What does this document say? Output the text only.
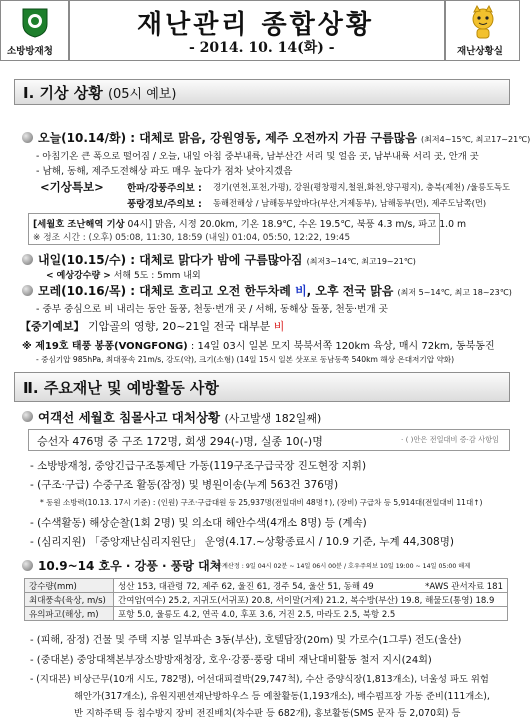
소방방재청
재난관리 종합상황
- 2014. 10. 14(화) -	재난상황실
Ⅰ. 기상 상황 (05시 예보)
오늘(10.14/화) : 대체로 맑음, 강원영동, 제주 오전까지 가끔 구름많음 (최저4~15℃, 최고17~21℃)
- 아침기온 큰 폭으로 떨어짐 / 오늘, 내일 아침 중부내륙, 남부산간 서리 및 얼음 곳, 남부내륙 서리 곳, 안개 곳
- 남해, 동해, 제주도전해상 파도 매우 높다가 점차 낮아지겠음
<기상특보> 한파/강풍주의보 : 경기(연천,포천,가평), 강원(평창평지,철원,화천,양구평지), 충북(제천) /울릉도독도
풍랑경보/주의보 : 동해전해상 / 남해동부앞바다(부산,거제동부), 남해동부(먼), 제주도남쪽(먼)
[세월호 조난해역 기상 04시] 맑음, 시정 20.0km, 기온 18.9℃, 수온 19.5℃, 북풍 4.3 m/s, 파고 1.0 m
※ 정조 시간 : (오후) 05:08, 11:30, 18:59 (내일) 01:04, 05:50, 12:22, 19:45
내일(10.15/수) : 대체로 맑다가 밤에 구름많아짐 (최저3~14℃, 최고19~21℃)
< 예상강수량 > 서해 5도 : 5mm 내외
모레(10.16/목) : 대체로 흐리고 오전 한두차례 비, 오후 전국 맑음 (최저 5~14℃, 최고 18~23℃)
- 중부 중심으로 비 내리는 동안 돌풍, 천둥·번개 곳 / 서해, 동해상 돌풍, 천둥·번개 곳
【중기예보】 기압골의 영향, 20~21일 전국 대부분 비
※ 제19호 태풍 봉퐁(VONGFONG) : 14일 03시 일본 모지 북북서쪽 120km 육상, 매시 72km, 동북동진
- 중심기압 985hPa, 최대풍속 21m/s, 강도(약), 크기(소형) (14일 15시 일본 삿포로 동남동쪽 540km 해상 온대저기압 약화)
Ⅱ. 주요재난 및 예방활동 사항
여객선 세월호 침몰사고 대처상황 (사고발생 182일째)
승선자 476명 중 구조 172명, 회생 294(-)명, 실종 10(-)명	· ( )안은 전일대비 증·감 사항임
- 소방방재청, 중앙긴급구조통제단 가동(119구조구급국장 진도현장 지휘)
- (구조·구급) 수중구조 활동(잠정) 및 병원이송(누계 563건 376명)
* 동원 소방력(10.13. 17시 기준) : (인원) 구조·구급대원 등 25,937명(전일대비 48명↑), (장비) 구급차 등 5,914대(전일대비 11대↑)
- (수색활동) 해상순찰(1회 2명) 및 의소대 해안수색(4개소 8명) 등 (계속)
- (심리지원) 「중앙재난심리지원단」 운영(4.17.~상황종료시 / 10.9 기준, 누계 44,308명)
10.9~14 호우 · 강풍 · 풍랑 대처
· 통계산정 : 9일 04시 02분 ~ 14일 06시 00분 / 호우주의보 10일 19:00 ~ 14일 05:00 해제
강수량(mm)	성산 153, 대관령 72, 제주 62, 울진 61, 경주 54, 울산 51, 동해 49 *AWS 관서자료 181

최대풍속(육상, m/s)	간여암(여수) 25.2, 지귀도(서귀포) 20.8, 서이말(거제) 21.2, 복수방(부산) 19.8, 해물도(통영) 18.9
유의파고(해상, m)	포항 5.0, 울릉도 4.2, 연곡 4.0, 후포 3.6, 거진 2.5, 마라도 2.5, 북항 2.5
- (피해, 잠정) 건물 및 주택 지붕 일부파손 3동(부산), 호텔담장(20m) 및 가로수(1그루) 전도(울산)
- (중대본) 중앙대책본부장소방방재청장, 호우·강풍·풍랑 대비 재난대비활동 철저 지시(24회)
- (지대본) 비상근무(10개 시도, 782명), 어선대피결박(29,747척), 수산 증양식장(1,813개소), 너울성 파도 위험
해안가(317개소), 유원지펜션재난방하우스 등 예찰활동(1,193개소), 배수펌프장 가동 준비(111개소),
반 지하주택 등 침수방지 장비 전진배치(차수판 등 682개), 홍보활동(SMS 문자 등 2,070회) 등
